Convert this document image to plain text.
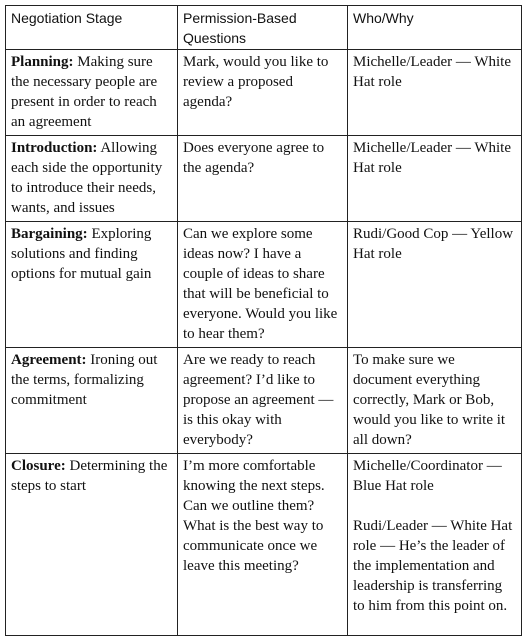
Negotiation Stage	Permission-Based Questions	Who/Why
Planning: Making sure the necessary people are present in order to reach an agreement	Mark, would you like to review a proposed agenda?	Michelle/Leader — White Hat role

Introduction: Allowing each side the opportunity to introduce their needs, wants, and issues	Does everyone agree to the agenda?	Michelle/Leader — White Hat role

Bargaining: Exploring solutions and finding options for mutual gain	Can we explore some ideas now? I have a couple of ideas to share that will be beneficial to everyone. Would you like to hear them?	Rudi/Good Cop — Yellow Hat role

Agreement: Ironing out the terms, formalizing commitment	Are we ready to reach agreement? I’d like to propose an agreement — is this okay with everybody?	To make sure we document everything correctly, Mark or Bob, would you like to write it all down?

Closure: Determining the steps to start	I’m more comfortable knowing the next steps. Can we outline them? What is the best way to communicate once we leave this meeting?	Michelle/Coordinator — Blue Hat role
Rudi/Leader — White Hat role — He’s the leader of the implementation and leadership is transferring to him from this point on.
